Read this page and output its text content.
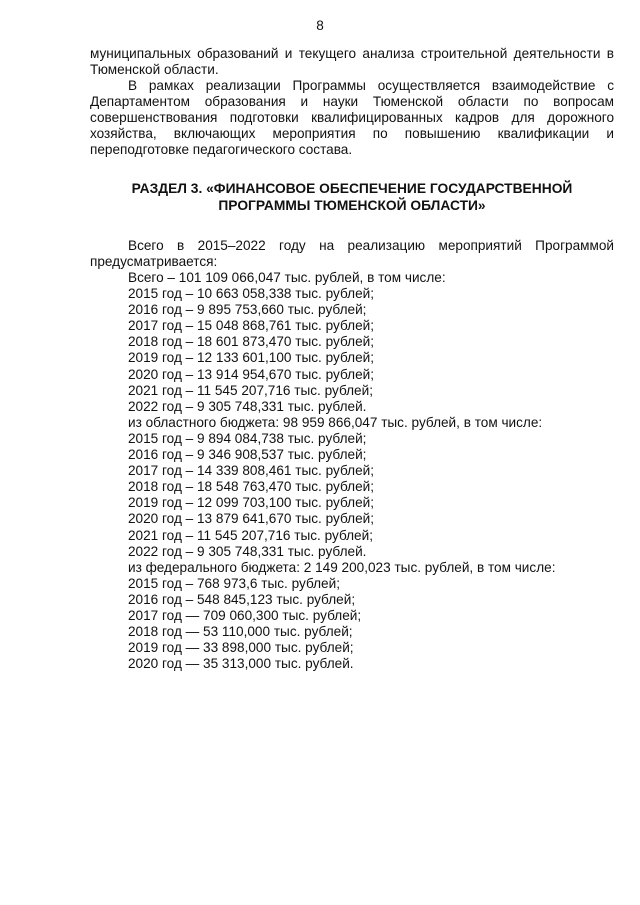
8

муниципальных образований и текущего анализа строительной деятельности в Тюменской области.

В рамках реализации Программы осуществляется взаимодействие с Департаментом образования и науки Тюменской области по вопросам совершенствования подготовки квалифицированных кадров для дорожного хозяйства, включающих мероприятия по повышению квалификации и переподготовке педагогического состава.

РАЗДЕЛ 3. «ФИНАНСОВОЕ ОБЕСПЕЧЕНИЕ ГОСУДАРСТВЕННОЙ
ПРОГРАММЫ ТЮМЕНСКОЙ ОБЛАСТИ»

Всего в 2015–2022 году на реализацию мероприятий Программой предусматривается:

Всего – 101 109 066,047 тыс. рублей, в том числе:
2015 год – 10 663 058,338 тыс. рублей;
2016 год – 9 895 753,660 тыс. рублей;
2017 год – 15 048 868,761 тыс. рублей;
2018 год – 18 601 873,470 тыс. рублей;
2019 год – 12 133 601,100 тыс. рублей;
2020 год – 13 914 954,670 тыс. рублей;
2021 год – 11 545 207,716 тыс. рублей;
2022 год – 9 305 748,331 тыс. рублей.
из областного бюджета: 98 959 866,047 тыс. рублей, в том числе:
2015 год – 9 894 084,738 тыс. рублей;
2016 год – 9 346 908,537 тыс. рублей;
2017 год – 14 339 808,461 тыс. рублей;
2018 год – 18 548 763,470 тыс. рублей;
2019 год – 12 099 703,100 тыс. рублей;
2020 год – 13 879 641,670 тыс. рублей;
2021 год – 11 545 207,716 тыс. рублей;
2022 год – 9 305 748,331 тыс. рублей.
из федерального бюджета: 2 149 200,023 тыс. рублей, в том числе:
2015 год – 768 973,6 тыс. рублей;
2016 год – 548 845,123 тыс. рублей;
2017 год — 709 060,300 тыс. рублей;
2018 год — 53 110,000 тыс. рублей;
2019 год — 33 898,000 тыс. рублей;
2020 год — 35 313,000 тыс. рублей.
